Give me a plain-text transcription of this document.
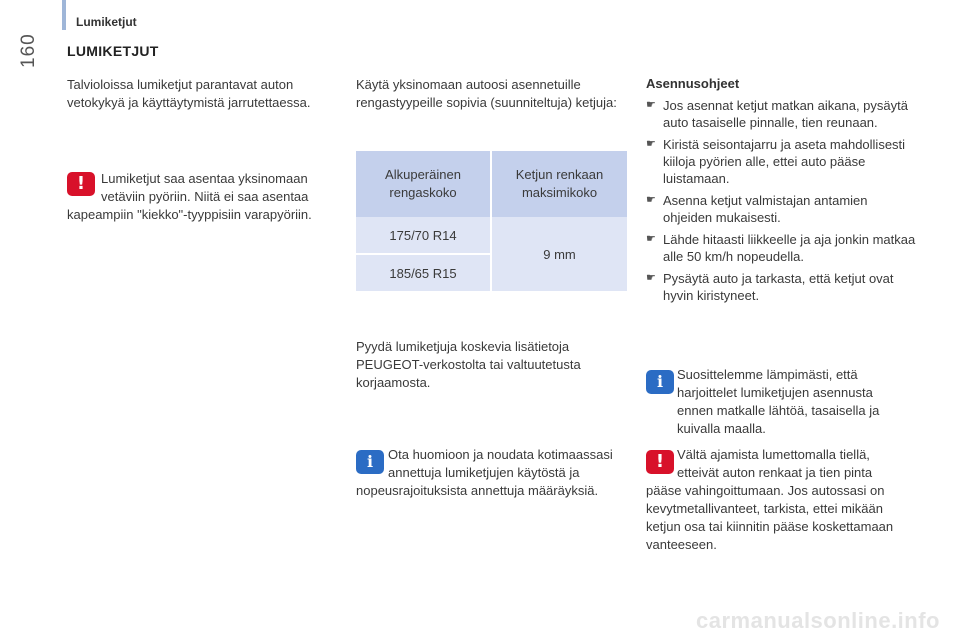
Lumiketjut
160 LUMIKETJUT
Talvioloissa lumiketjut parantavat auton vetokykyä ja käyttäytymistä jarrutettaessa.
!	Lumiketjut saa asentaa yksinomaan
vetäviin pyöriin. Niitä ei saa asentaa
kapeampiin "kiekko"-tyyppisiin varapyöriin.
Käytä yksinomaan autoosi asennetuille rengastyypeille sopivia (suunniteltuja) ketjuja:
Alkuperäinen rengaskoko	Ketjun renkaan maksimikoko
175/70 R14	9 mm
185/65 R15	
Pyydä lumiketjuja koskevia lisätietoja PEUGEOT-verkostolta tai valtuutetusta korjaamosta.
i	Ota huomioon ja noudata kotimaassasi
annettuja lumiketjujen käytöstä ja
nopeusrajoituksista annettuja määräyksiä.
Asennusohjeet
☛ Jos asennat ketjut matkan aikana, pysäytä auto tasaiselle pinnalle, tien reunaan.
☛ Kiristä seisontajarru ja aseta mahdollisesti kiiloja pyörien alle, ettei auto pääse luistamaan.
☛ Asenna ketjut valmistajan antamien ohjeiden mukaisesti.
☛ Lähde hitaasti liikkeelle ja aja jonkin matkaa alle 50 km/h nopeudella.
☛ Pysäytä auto ja tarkasta, että ketjut ovat hyvin kiristyneet.
i	Suosittelemme lämpimästi, että
harjoittelet lumiketjujen asennusta
ennen matkalle lähtöä, tasaisella ja
kuivalla maalla.
! Vältä ajamista lumettomalla tiellä,
etteivät auton renkaat ja tien pinta
pääse vahingoittumaan. Jos autossasi on
kevytmetallivanteet, tarkista, ettei mikään
ketjun osa tai kiinnitin pääse koskettamaan
vanteeseen.
carmanualsonline.info
